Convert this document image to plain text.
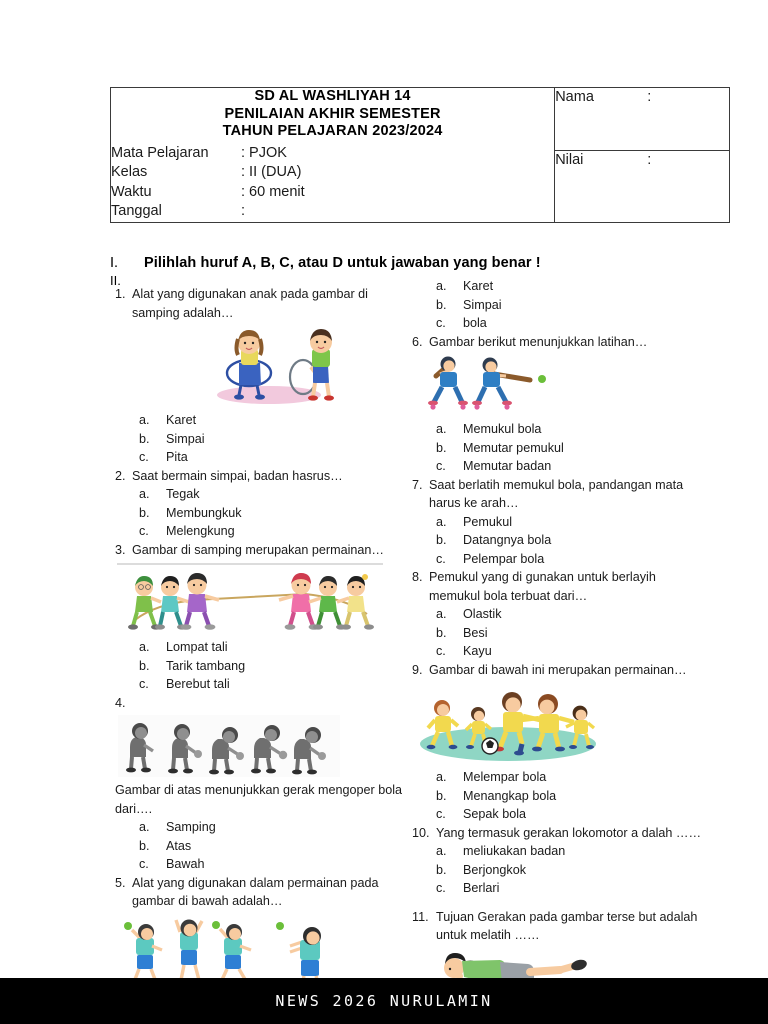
SD AL WASHLIYAH 14
PENILAIAN AKHIR SEMESTER
TAHUN PELAJARAN 2023/2024
Mata Pelajaran	: PJOK
Kelas	: II (DUA)
Waktu	: 60 menit
Tanggal	:

Nama	:

Nilai	:
I.	Pilihlah huruf A, B, C, atau D untuk jawaban yang benar !
II.
1. Alat yang digunakan anak pada gambar di samping adalah…
a.	Karet
b.	Simpai
c.	Pita
2. Saat bermain simpai, badan hasrus…
a.	Tegak
b.	Membungkuk
c.	Melengkung
3. Gambar di samping merupakan permainan…
a.	Lompat tali
b.	Tarik tambang
c.	Berebut tali
4.
Gambar di atas menunjukkan gerak mengoper bola dari….
a.	Samping
b.	Atas
c.	Bawah
5. Alat yang digunakan dalam permainan pada gambar di bawah adalah…
a.	Karet
b.	Simpai
c.	bola
6. Gambar berikut menunjukkan latihan…
a.	Memukul bola
b.	Memutar pemukul
c.	Memutar badan
7. Saat berlatih memukul bola, pandangan mata harus ke arah…
a.	Pemukul
b.	Datangnya bola
c.	Pelempar bola
8. Pemukul yang di gunakan untuk berlayih memukul bola terbuat dari…
a.	Olastik
b.	Besi
c.	Kayu
9. Gambar di bawah ini merupakan permainan…
a.	Melempar bola
b.	Menangkap bola
c.	Sepak bola
10. Yang termasuk gerakan lokomotor a dalah ……
a.	meliukakan badan
b.	Berjongkok
c.	Berlari
11. Tujuan Gerakan pada gambar terse but adalah untuk melatih ……
NEWS 2026 NURULAMIN
